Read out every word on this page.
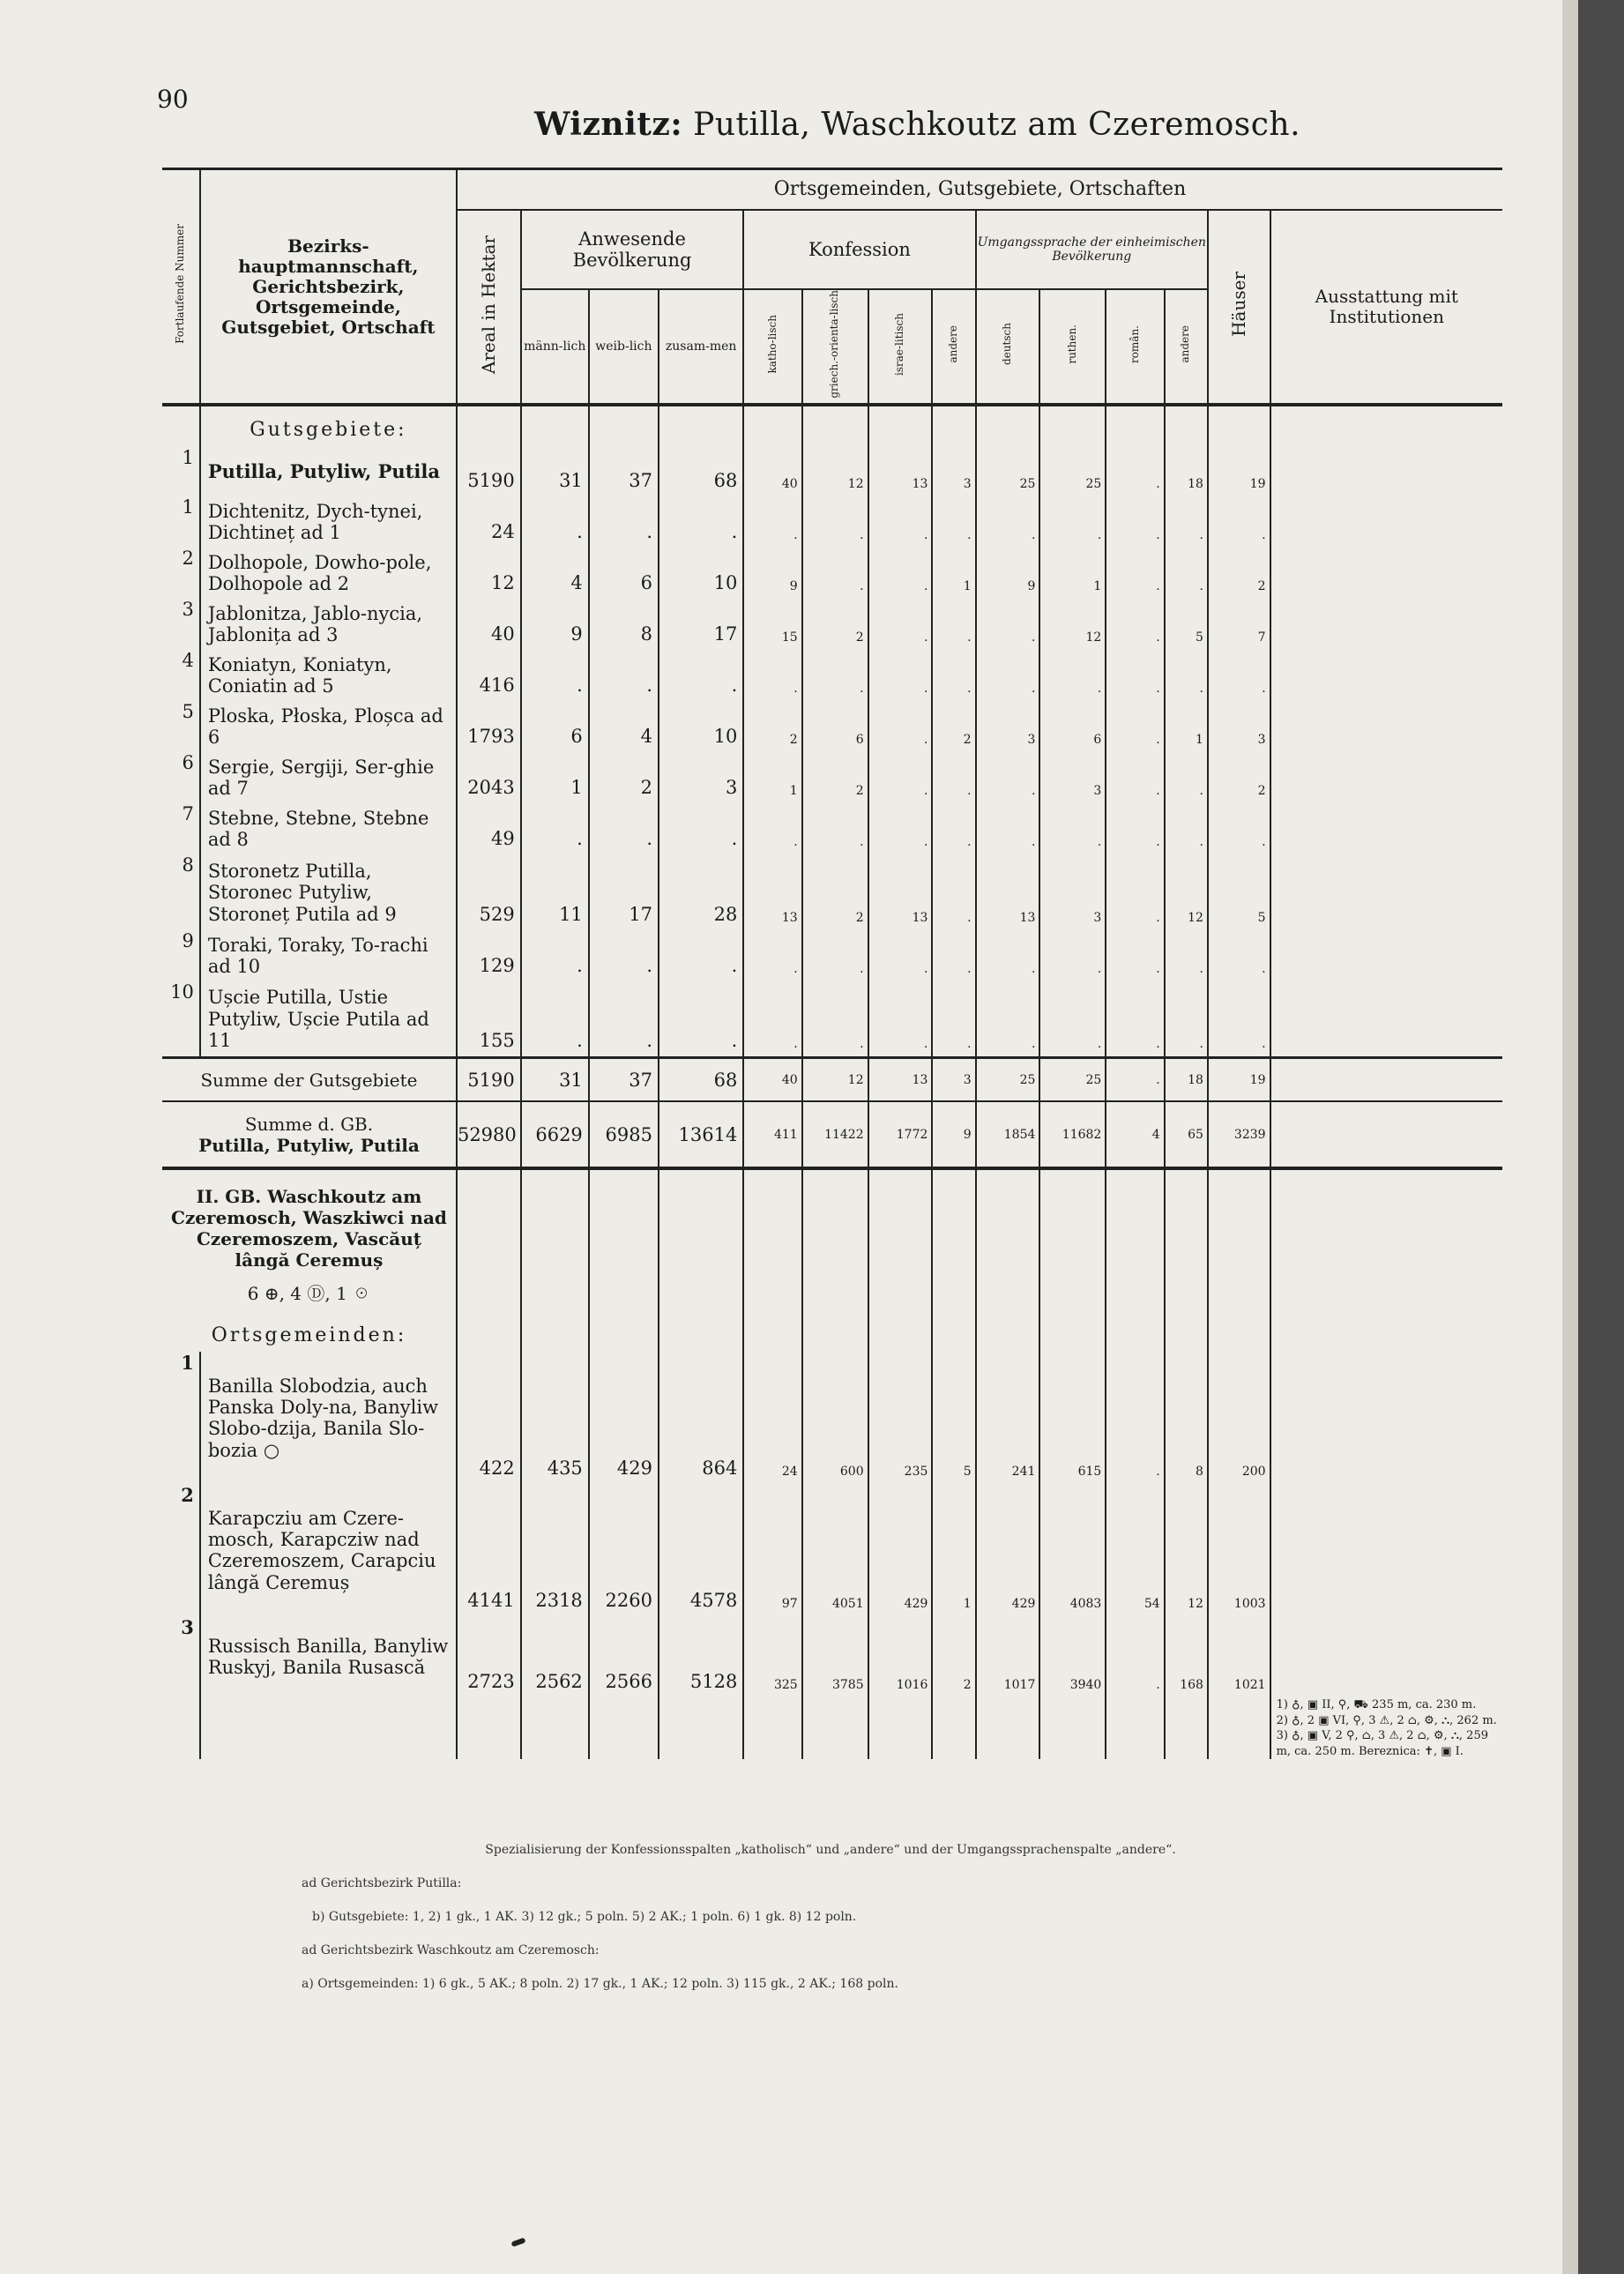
90
Wiznitz: Putilla, Waschkoutz am Czeremosch.
Fortlaufende Nummer	Bezirks-hauptmannschaft, Gerichtsbezirk, Ortsgemeinde, Gutsgebiet, Ortschaft	Ortsgemeinden, Gutsgebiete, Ortschaften													
		Areal in Hektar	Anwesende Bevölkerung			Konfession				Umgangssprache der einheimischen Bevölkerung				Häuser	Ausstattung mit Institutionen
			männ-lich	weib-lich	zusam-men	katho-lisch	griech.-orienta-lisch	israe-litisch	andere	deutsch	ruthen.	român.	andere		
	Gutsgebiete:														
1	Putilla, Putyliw, Putila	5190	31	37	68	40	12	13	3	25	25	.	18	19	
1	Dichtenitz, Dych-tynei, Dichtineț ad 1	24	.	.	.	.	.	.	.	.	.	.	.	.	
2	Dolhopole, Dowho-pole, Dolhopole ad 2	12	4	6	10	9	.	.	1	9	1	.	.	2	
3	Jablonitza, Jablo-nycia, Jablonița ad 3	40	9	8	17	15	2	.	.	.	12	.	5	7	
4	Koniatyn, Koniatyn, Coniatin ad 5	416	.	.	.	.	.	.	.	.	.	.	.	.	
5	Ploska, Płoska, Ploșca ad 6	1793	6	4	10	2	6	.	2	3	6	.	1	3	
6	Sergie, Sergiji, Ser-ghie ad 7	2043	1	2	3	1	2	.	.	.	3	.	.	2	
7	Stebne, Stebne, Stebne ad 8	49	.	.	.	.	.	.	.	.	.	.	.	.	
8	Storonetz Putilla, Storonec Putyliw, Storoneț Putila ad 9	529	11	17	28	13	2	13	.	13	3	.	12	5	
9	Toraki, Toraky, To-rachi ad 10	129	.	.	.	.	.	.	.	.	.	.	.	.	
10	Ușcie Putilla, Ustie Putyliw, Ușcie Putila ad 11	155	.	.	.	.	.	.	.	.	.	.	.	.	
Summe der Gutsgebiete		5190	31	37	68	40	12	13	3	25	25	.	18	19	

Summe d. GB.
Putilla, Putyliw, Putila		52980	6629	6985	13614	411	11422	1772	9	1854	11682	4	65	3239	

II. GB. Waschkoutz am Czeremosch, Waszkiwci nad Czeremoszem, Vascăuț lângă Ceremuș
6 ⊕, 4 Ⓓ, 1 ☉
Ortsgemeinden:															

1	Banilla Slobodzia, auch Panska Doly-na, Banyliw Slobo-dzija, Banila Slo-bozia ○	422	435	429	864	24	600	235	5	241	615	.	8	200	1) ♁, ▣ II, ⚲, ⛟ 235 m, ca. 230 m.
2) ♁, 2 ▣ VI, ⚲, 3 ⚠, 2 ⌂, ⚙, ⛬, 262 m.
3) ♁, ▣ V, 2 ⚲, ⌂, 3 ⚠, 2 ⌂, ⚙, ⛬, 259 m, ca. 250 m. Bereznica: ✝, ▣ I.

2	Karapcziu am Czere-mosch, Karapcziw nad Czeremoszem, Carapciu lângă Ceremuș	4141	2318	2260	4578	97	4051	429	1	429	4083	54	12	1003	
3	Russisch Banilla, Banyliw Ruskyj, Banila Rusască	2723	2562	2566	5128	325	3785	1016	2	1017	3940	.	168	1021	

Spezialisierung der Konfessionsspalten „katholisch“ und „andere“ und der Umgangssprachenspalte „andere“.
ad Gerichtsbezirk Putilla:
b) Gutsgebiete: 1, 2) 1 gk., 1 AK. 3) 12 gk.; 5 poln. 5) 2 AK.; 1 poln. 6) 1 gk. 8) 12 poln.
ad Gerichtsbezirk Waschkoutz am Czeremosch:
a) Ortsgemeinden: 1) 6 gk., 5 AK.; 8 poln. 2) 17 gk., 1 AK.; 12 poln. 3) 115 gk., 2 AK.; 168 poln.
